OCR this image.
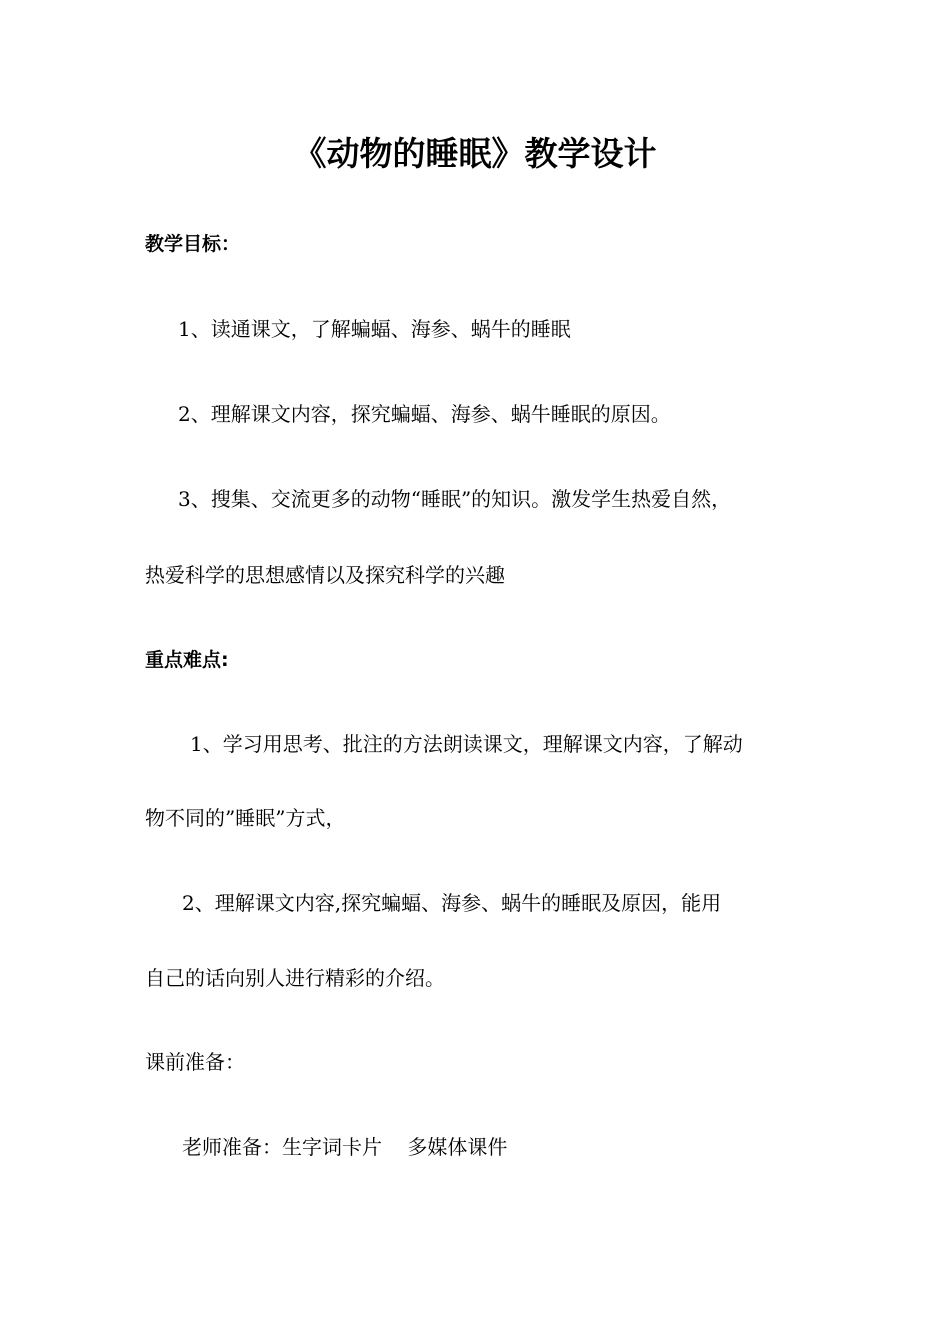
《动物的睡眠》教学设计
教学目标：
1、读通课文，了解蝙蝠、海参、蜗牛的睡眠
2、理解课文内容，探究蝙蝠、海参、蜗牛睡眠的原因。
3、搜集、交流更多的动物“睡眠”的知识。激发学生热爱自然，
热爱科学的思想感情以及探究科学的兴趣
重点难点:
1、学习用思考、批注的方法朗读课文，理解课文内容，了解动
物不同的”睡眠”方式，
2、理解课文内容,探究蝙蝠、海参、蜗牛的睡眠及原因，能用
自己的话向别人进行精彩的介绍。
课前准备：
老师准备：生字词卡片    多媒体课件
